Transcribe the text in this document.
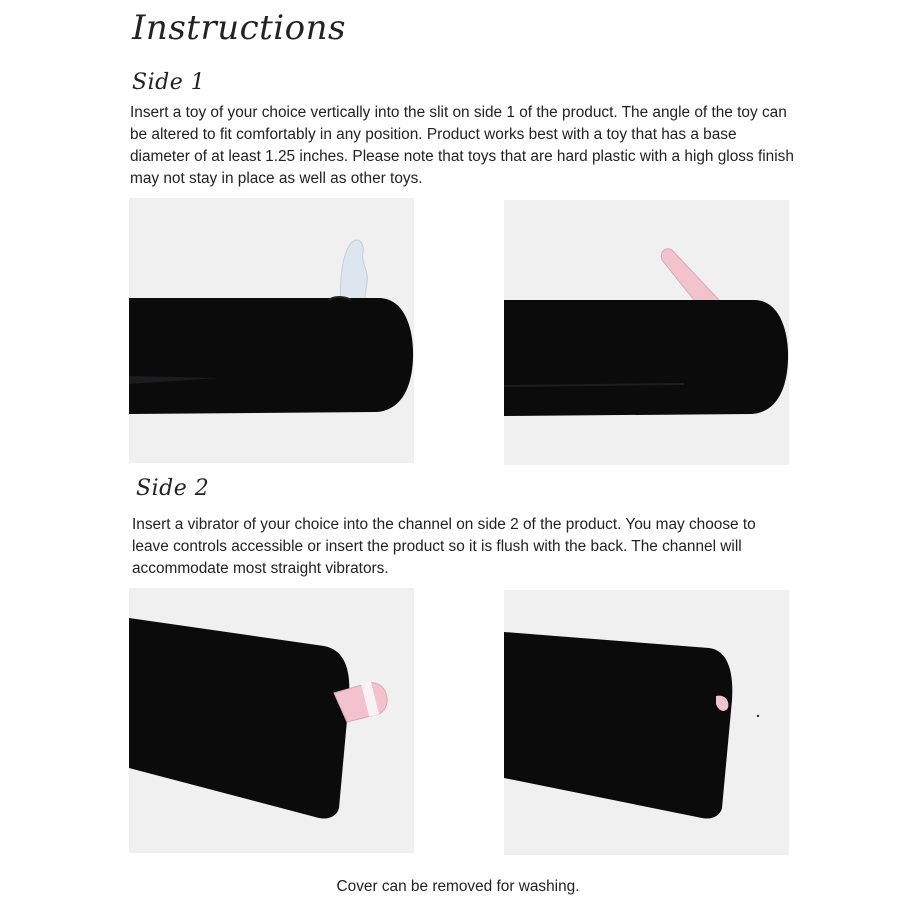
Instructions
Side 1

Insert a toy of your choice vertically into the slit on side 1 of the product. The angle of the toy can be altered to fit comfortably in any position. Product works best with a toy that has a base diameter of at least 1.25 inches. Please note that toys that are hard plastic with a high gloss finish may not stay in place as well as other toys.

Side 2

Insert a vibrator of your choice into the channel on side 2 of the product. You may choose to leave controls accessible or insert the product so it is flush with the back. The channel will accommodate most straight vibrators.

Cover can be removed for washing.
